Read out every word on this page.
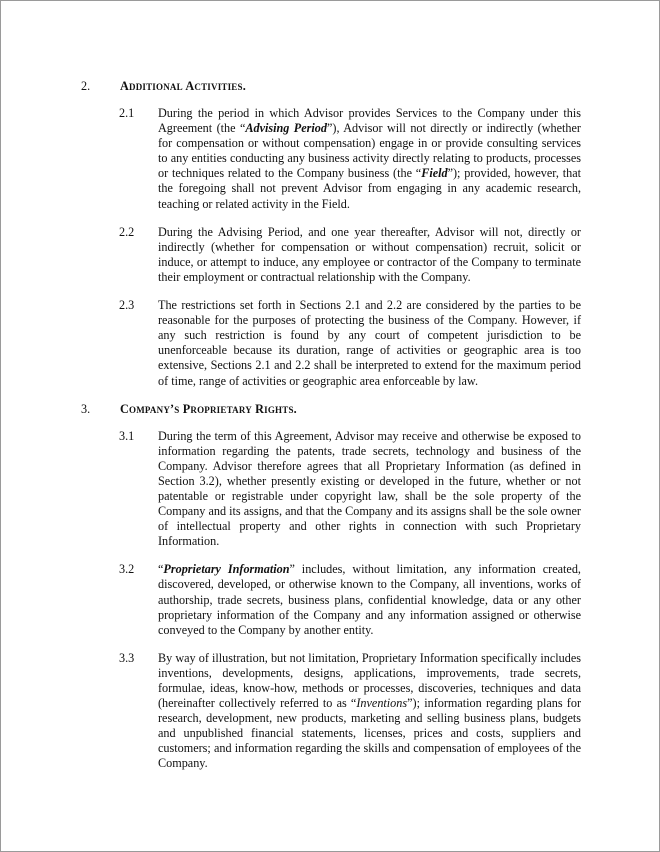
2. Additional Activities.
2.1 During the period in which Advisor provides Services to the Company under this Agreement (the “Advising Period”), Advisor will not directly or indirectly (whether for compensation or without compensation) engage in or provide consulting services to any entities conducting any business activity directly relating to products, processes or techniques related to the Company business (the “Field”); provided, however, that the foregoing shall not prevent Advisor from engaging in any academic research, teaching or related activity in the Field.
2.2 During the Advising Period, and one year thereafter, Advisor will not, directly or indirectly (whether for compensation or without compensation) recruit, solicit or induce, or attempt to induce, any employee or contractor of the Company to terminate their employment or contractual relationship with the Company.
2.3 The restrictions set forth in Sections 2.1 and 2.2 are considered by the parties to be reasonable for the purposes of protecting the business of the Company. However, if any such restriction is found by any court of competent jurisdiction to be unenforceable because its duration, range of activities or geographic area is too extensive, Sections 2.1 and 2.2 shall be interpreted to extend for the maximum period of time, range of activities or geographic area enforceable by law.
3. Company’s Proprietary Rights.
3.1 During the term of this Agreement, Advisor may receive and otherwise be exposed to information regarding the patents, trade secrets, technology and business of the Company. Advisor therefore agrees that all Proprietary Information (as defined in Section 3.2), whether presently existing or developed in the future, whether or not patentable or registrable under copyright law, shall be the sole property of the Company and its assigns, and that the Company and its assigns shall be the sole owner of intellectual property and other rights in connection with such Proprietary Information.
3.2 “Proprietary Information” includes, without limitation, any information created, discovered, developed, or otherwise known to the Company, all inventions, works of authorship, trade secrets, business plans, confidential knowledge, data or any other proprietary information of the Company and any information assigned or otherwise conveyed to the Company by another entity.
3.3 By way of illustration, but not limitation, Proprietary Information specifically includes inventions, developments, designs, applications, improvements, trade secrets, formulae, ideas, know-how, methods or processes, discoveries, techniques and data (hereinafter collectively referred to as “Inventions”); information regarding plans for research, development, new products, marketing and selling business plans, budgets and unpublished financial statements, licenses, prices and costs, suppliers and customers; and information regarding the skills and compensation of employees of the Company.
